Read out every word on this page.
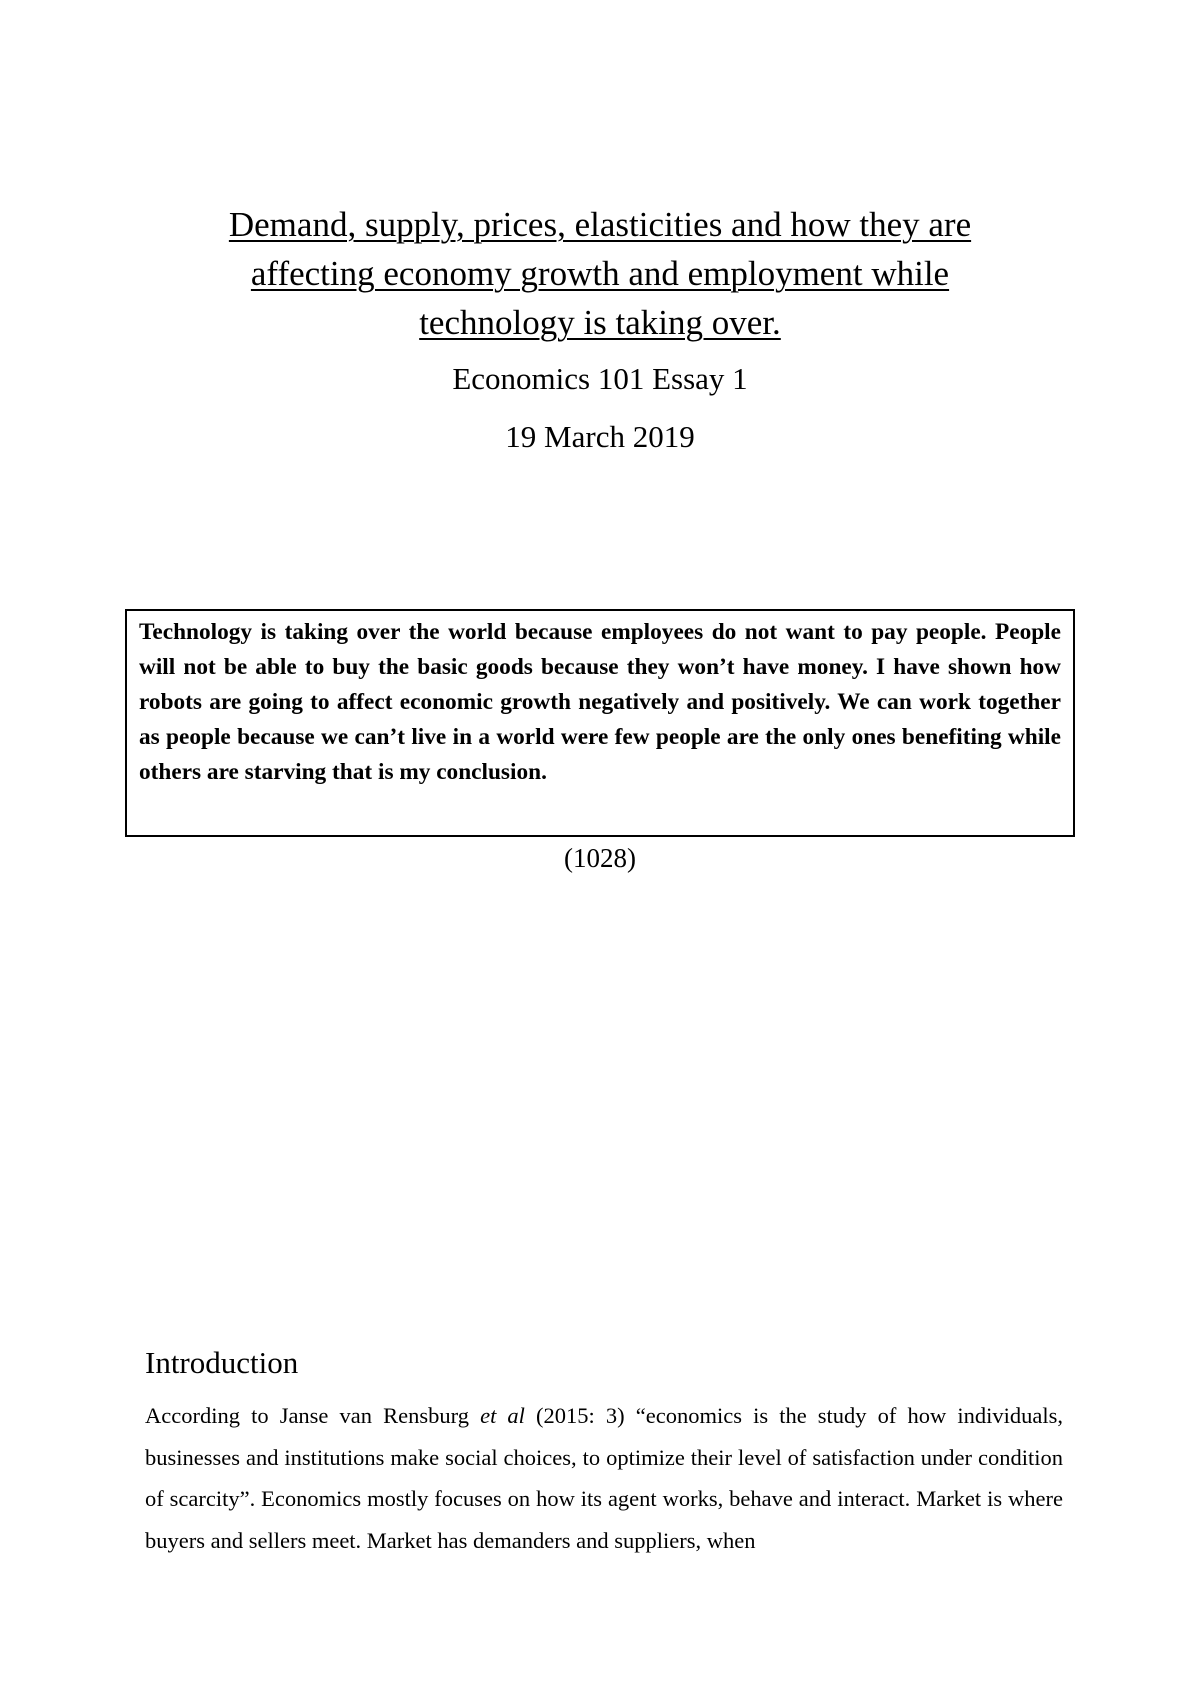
Demand, supply, prices, elasticities and how they are
affecting economy growth and employment while
technology is taking over.
Economics 101 Essay 1
19 March 2019
Technology is taking over the world because employees do not want to pay people. People will not be able to buy the basic goods because they won’t have money. I have shown how robots are going to affect economic growth negatively and positively. We can work together as people because we can’t live in a world were few people are the only ones benefiting while others are starving that is my conclusion.
(1028)
Introduction

According to Janse van Rensburg et al (2015: 3) “economics is the study of how individuals, businesses and institutions make social choices, to optimize their level of satisfaction under condition of scarcity”. Economics mostly focuses on how its agent works, behave and interact. Market is where buyers and sellers meet. Market has demanders and suppliers, when
